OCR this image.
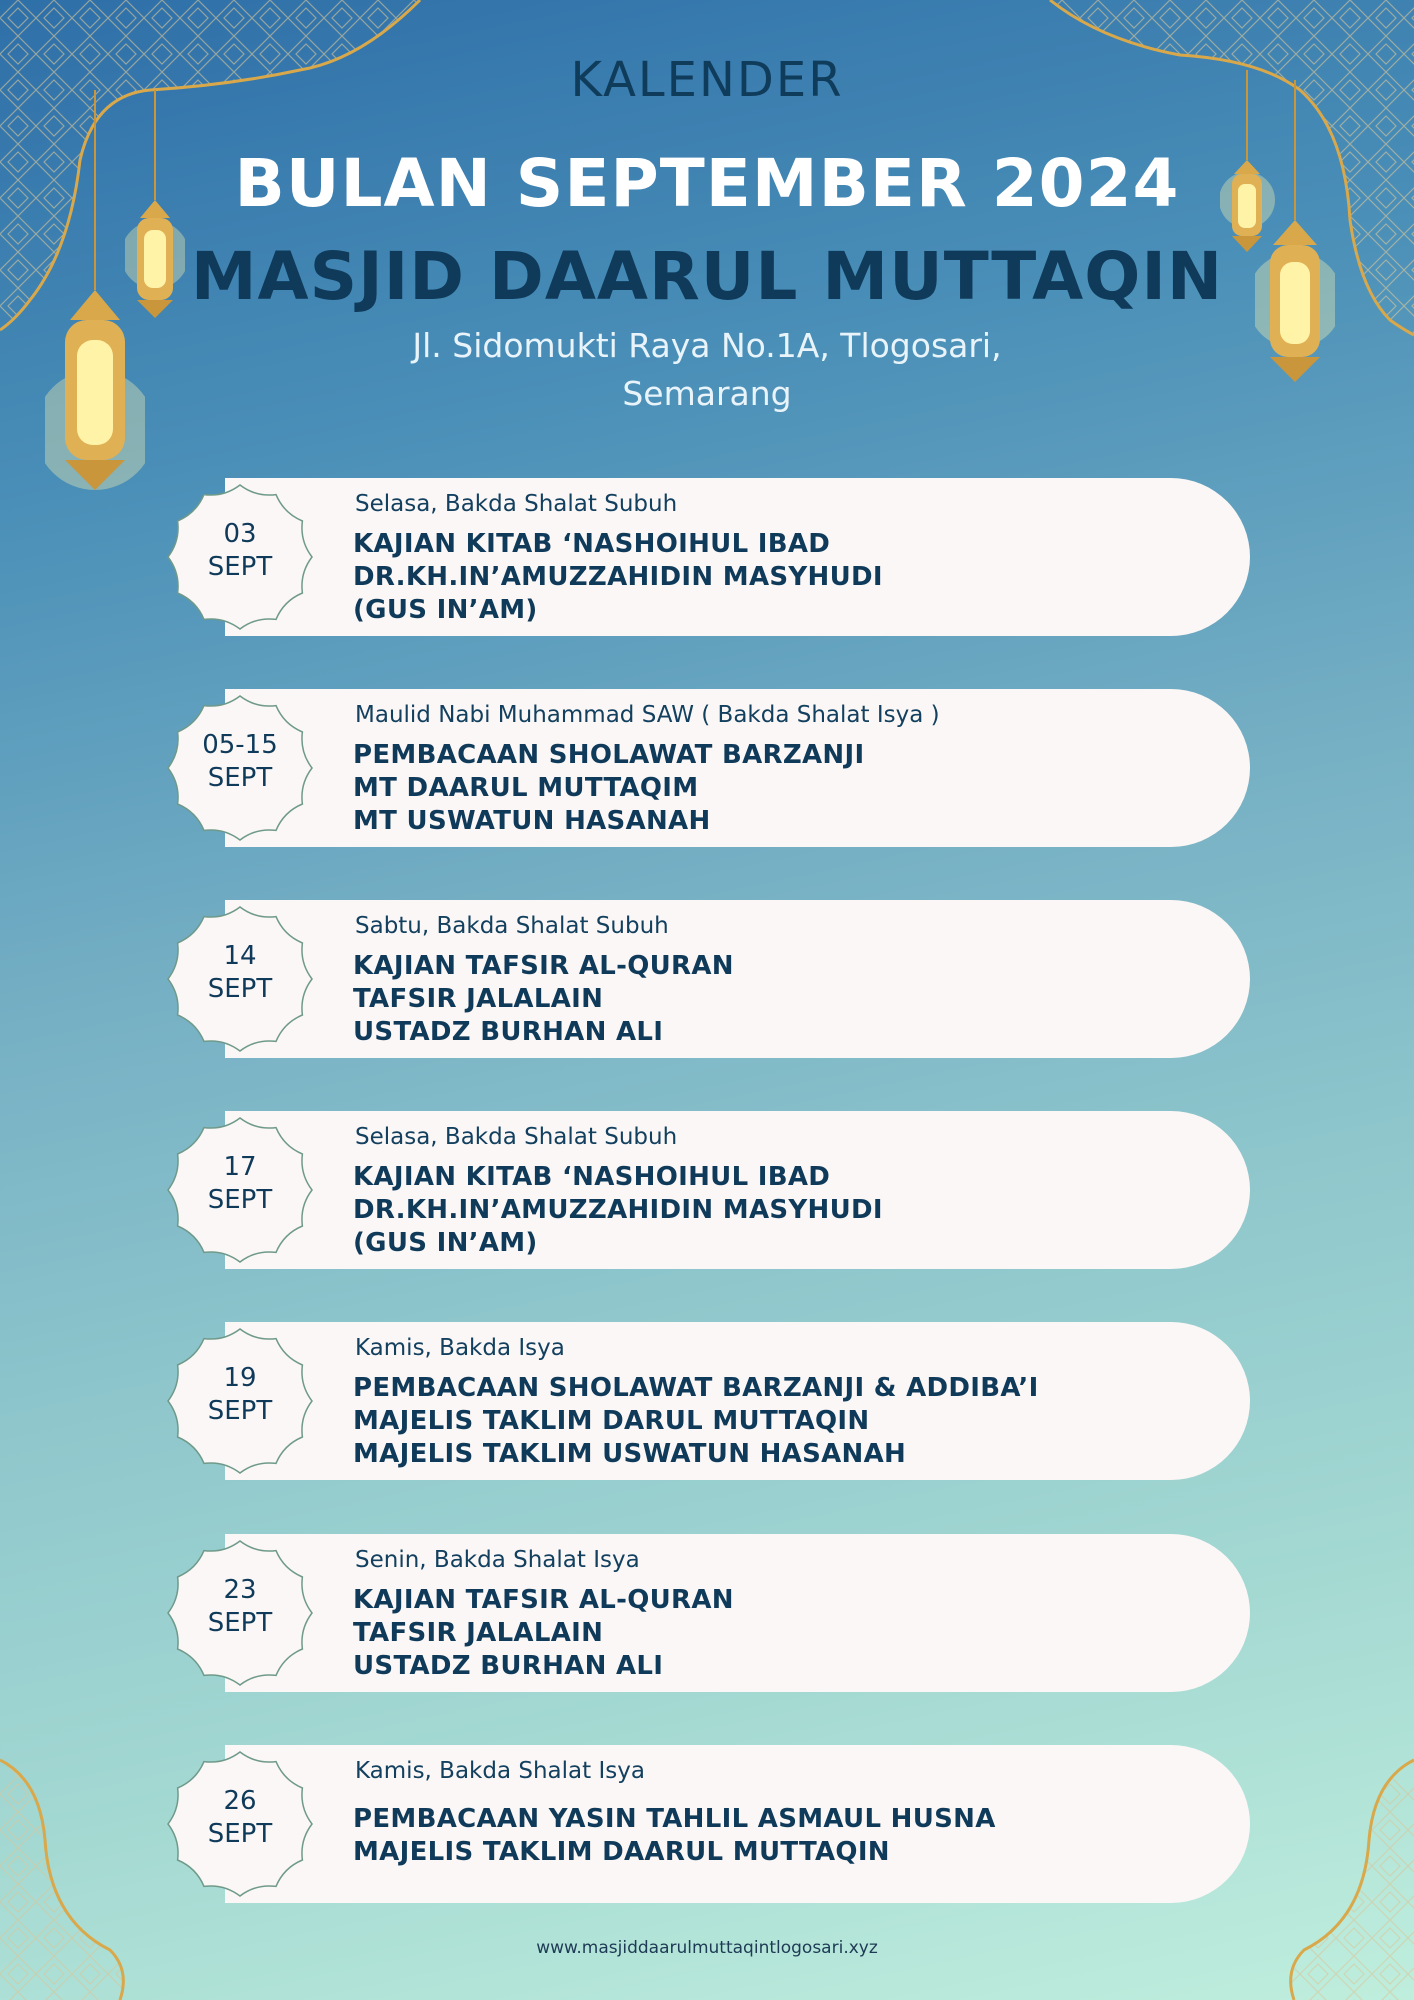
KALENDER
BULAN SEPTEMBER 2024
MASJID DAARUL MUTTAQIN
Jl. Sidomukti Raya No.1A, Tlogosari,
Semarang
03
SEPT
Selasa, Bakda Shalat Subuh
KAJIAN KITAB ‘NASHOIHUL IBAD
DR.KH.IN’AMUZZAHIDIN MASYHUDI
(GUS IN’AM)
05-15
SEPT
Maulid Nabi Muhammad SAW ( Bakda Shalat Isya )
PEMBACAAN SHOLAWAT BARZANJI
MT DAARUL MUTTAQIM
MT USWATUN HASANAH
14
SEPT
Sabtu, Bakda Shalat Subuh
KAJIAN TAFSIR AL-QURAN
TAFSIR JALALAIN
USTADZ BURHAN ALI
17
SEPT
Selasa, Bakda Shalat Subuh
KAJIAN KITAB ‘NASHOIHUL IBAD
DR.KH.IN’AMUZZAHIDIN MASYHUDI
(GUS IN’AM)
19
SEPT
Kamis, Bakda Isya
PEMBACAAN SHOLAWAT BARZANJI & ADDIBA’I
MAJELIS TAKLIM DARUL MUTTAQIN
MAJELIS TAKLIM USWATUN HASANAH
23
SEPT
Senin, Bakda Shalat Isya
KAJIAN TAFSIR AL-QURAN
TAFSIR JALALAIN
USTADZ BURHAN ALI
26
SEPT
Kamis, Bakda Shalat Isya
PEMBACAAN YASIN TAHLIL ASMAUL HUSNA
MAJELIS TAKLIM DAARUL MUTTAQIN
www.masjiddaarulmuttaqintlogosari.xyz
